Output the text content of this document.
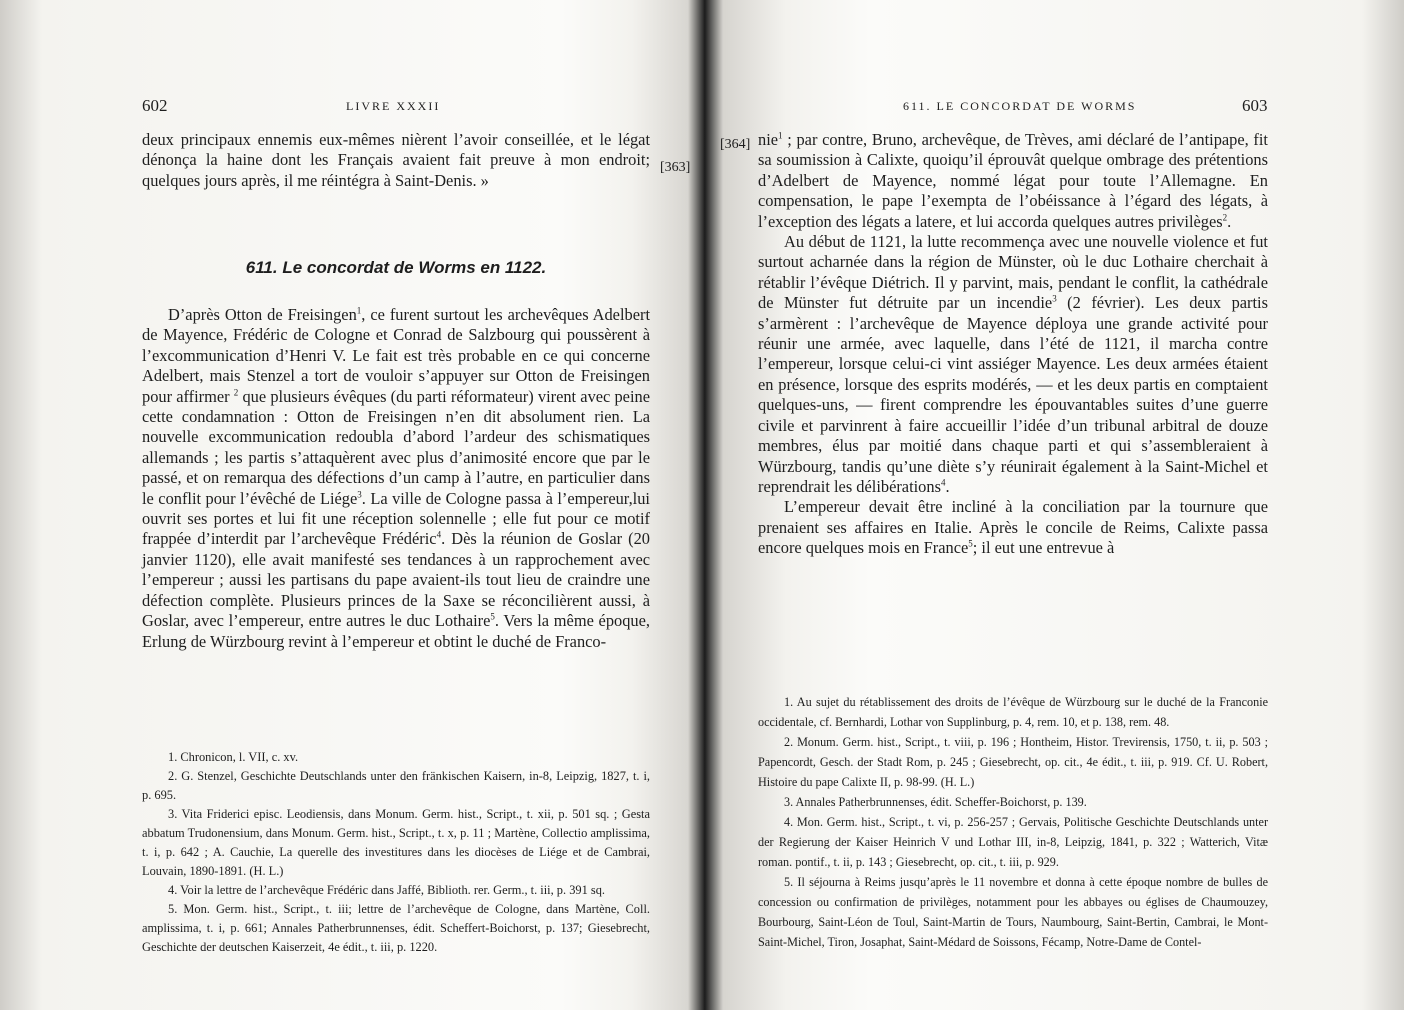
602	LIVRE XXXII

deux principaux ennemis eux-mêmes nièrent l’avoir conseillée, et le légat dénonça la haine dont les Français avaient fait preuve à mon endroit; quelques jours après, il me réintégra à Saint-Denis. »

[363]
611. Le concordat de Worms en 1122.

D’après Otton de Freisingen$^1$, ce furent surtout les archevêques Adelbert de Mayence, Frédéric de Cologne et Conrad de Salzbourg qui poussèrent à l’excommunication d’Henri V. Le fait est très probable en ce qui concerne Adelbert, mais Stenzel a tort de vouloir s’appuyer sur Otton de Freisingen pour affirmer $^2$ que plusieurs évêques (du parti réformateur) virent avec peine cette condamnation : Otton de Freisingen n’en dit absolument rien. La nouvelle excommunication redoubla d’abord l’ardeur des schismatiques allemands ; les partis s’attaquèrent avec plus d’animosité encore que par le passé, et on remarqua des défections d’un camp à l’autre, en particulier dans le conflit pour l’évêché de Liége$^3$. La ville de Cologne passa à l’empereur,lui ouvrit ses portes et lui fit une réception solennelle ; elle fut pour ce motif frappée d’interdit par l’archevêque Frédéric$^4$. Dès la réunion de Goslar (20 janvier 1120), elle avait manifesté ses tendances à un rapprochement avec l’empereur ; aussi les partisans du pape avaient-ils tout lieu de craindre une défection complète. Plusieurs princes de la Saxe se réconcilièrent aussi, à Goslar, avec l’empereur, entre autres le duc Lothaire$^5$. Vers la même époque, Erlung de Würzbourg revint à l’empereur et obtint le duché de Franco-

1. Chronicon, l. VII, c. xv.

2. G. Stenzel, Geschichte Deutschlands unter den fränkischen Kaisern, in-8, Leipzig, 1827, t. i, p. 695.

3. Vita Friderici episc. Leodiensis, dans Monum. Germ. hist., Script., t. xii, p. 501 sq. ; Gesta abbatum Trudonensium, dans Monum. Germ. hist., Script., t. x, p. 11 ; Martène, Collectio amplissima, t. i, p. 642 ; A. Cauchie, La querelle des investitures dans les diocèses de Liége et de Cambrai, Louvain, 1890-1891. (H. L.)

4. Voir la lettre de l’archevêque Frédéric dans Jaffé, Biblioth. rer. Germ., t. iii, p. 391 sq.

5. Mon. Germ. hist., Script., t. iii; lettre de l’archevêque de Cologne, dans Martène, Coll. amplissima, t. i, p. 661; Annales Patherbrunnenses, édit. Scheffert-Boichorst, p. 137; Giesebrecht, Geschichte der deutschen Kaiserzeit, 4e édit., t. iii, p. 1220.

611. LE CONCORDAT DE WORMS	603
[364] nie$^1$ ; par contre, Bruno, archevêque, de Trèves, ami déclaré de l’antipape, fit sa soumission à Calixte, quoiqu’il éprouvât quelque ombrage des prétentions d’Adelbert de Mayence, nommé légat pour toute l’Allemagne. En compensation, le pape l’exempta de l’obéissance à l’égard des légats, à l’exception des légats a latere, et lui accorda quelques autres privilèges$^2$.

Au début de 1121, la lutte recommença avec une nouvelle violence et fut surtout acharnée dans la région de Münster, où le duc Lothaire cherchait à rétablir l’évêque Diétrich. Il y parvint, mais, pendant le conflit, la cathédrale de Münster fut détruite par un incendie$^3$ (2 février). Les deux partis s’armèrent : l’archevêque de Mayence déploya une grande activité pour réunir une armée, avec laquelle, dans l’été de 1121, il marcha contre l’empereur, lorsque celui-ci vint assiéger Mayence. Les deux armées étaient en présence, lorsque des esprits modérés, — et les deux partis en comptaient quelques-uns, — firent comprendre les épouvantables suites d’une guerre civile et parvinrent à faire accueillir l’idée d’un tribunal arbitral de douze membres, élus par moitié dans chaque parti et qui s’assembleraient à Würzbourg, tandis qu’une diète s’y réunirait également à la Saint-Michel et reprendrait les délibérations$^4$.

L’empereur devait être incliné à la conciliation par la tournure que prenaient ses affaires en Italie. Après le concile de Reims, Calixte passa encore quelques mois en France$^5$; il eut une entrevue à

1. Au sujet du rétablissement des droits de l’évêque de Würzbourg sur le duché de la Franconie occidentale, cf. Bernhardi, Lothar von Supplinburg, p. 4, rem. 10, et p. 138, rem. 48.

2. Monum. Germ. hist., Script., t. viii, p. 196 ; Hontheim, Histor. Trevirensis, 1750, t. ii, p. 503 ; Papencordt, Gesch. der Stadt Rom, p. 245 ; Giesebrecht, op. cit., 4e édit., t. iii, p. 919. Cf. U. Robert, Histoire du pape Calixte II, p. 98-99. (H. L.)

3. Annales Patherbrunnenses, édit. Scheffer-Boichorst, p. 139.

4. Mon. Germ. hist., Script., t. vi, p. 256-257 ; Gervais, Politische Geschichte Deutschlands unter der Regierung der Kaiser Heinrich V und Lothar III, in-8, Leipzig, 1841, p. 322 ; Watterich, Vitæ roman. pontif., t. ii, p. 143 ; Giesebrecht, op. cit., t. iii, p. 929.

5. Il séjourna à Reims jusqu’après le 11 novembre et donna à cette époque nombre de bulles de concession ou confirmation de privilèges, notamment pour les abbayes ou églises de Chaumouzey, Bourbourg, Saint-Léon de Toul, Saint-Martin de Tours, Naumbourg, Saint-Bertin, Cambrai, le Mont-Saint-Michel, Tiron, Josaphat, Saint-Médard de Soissons, Fécamp, Notre-Dame de Contel-
